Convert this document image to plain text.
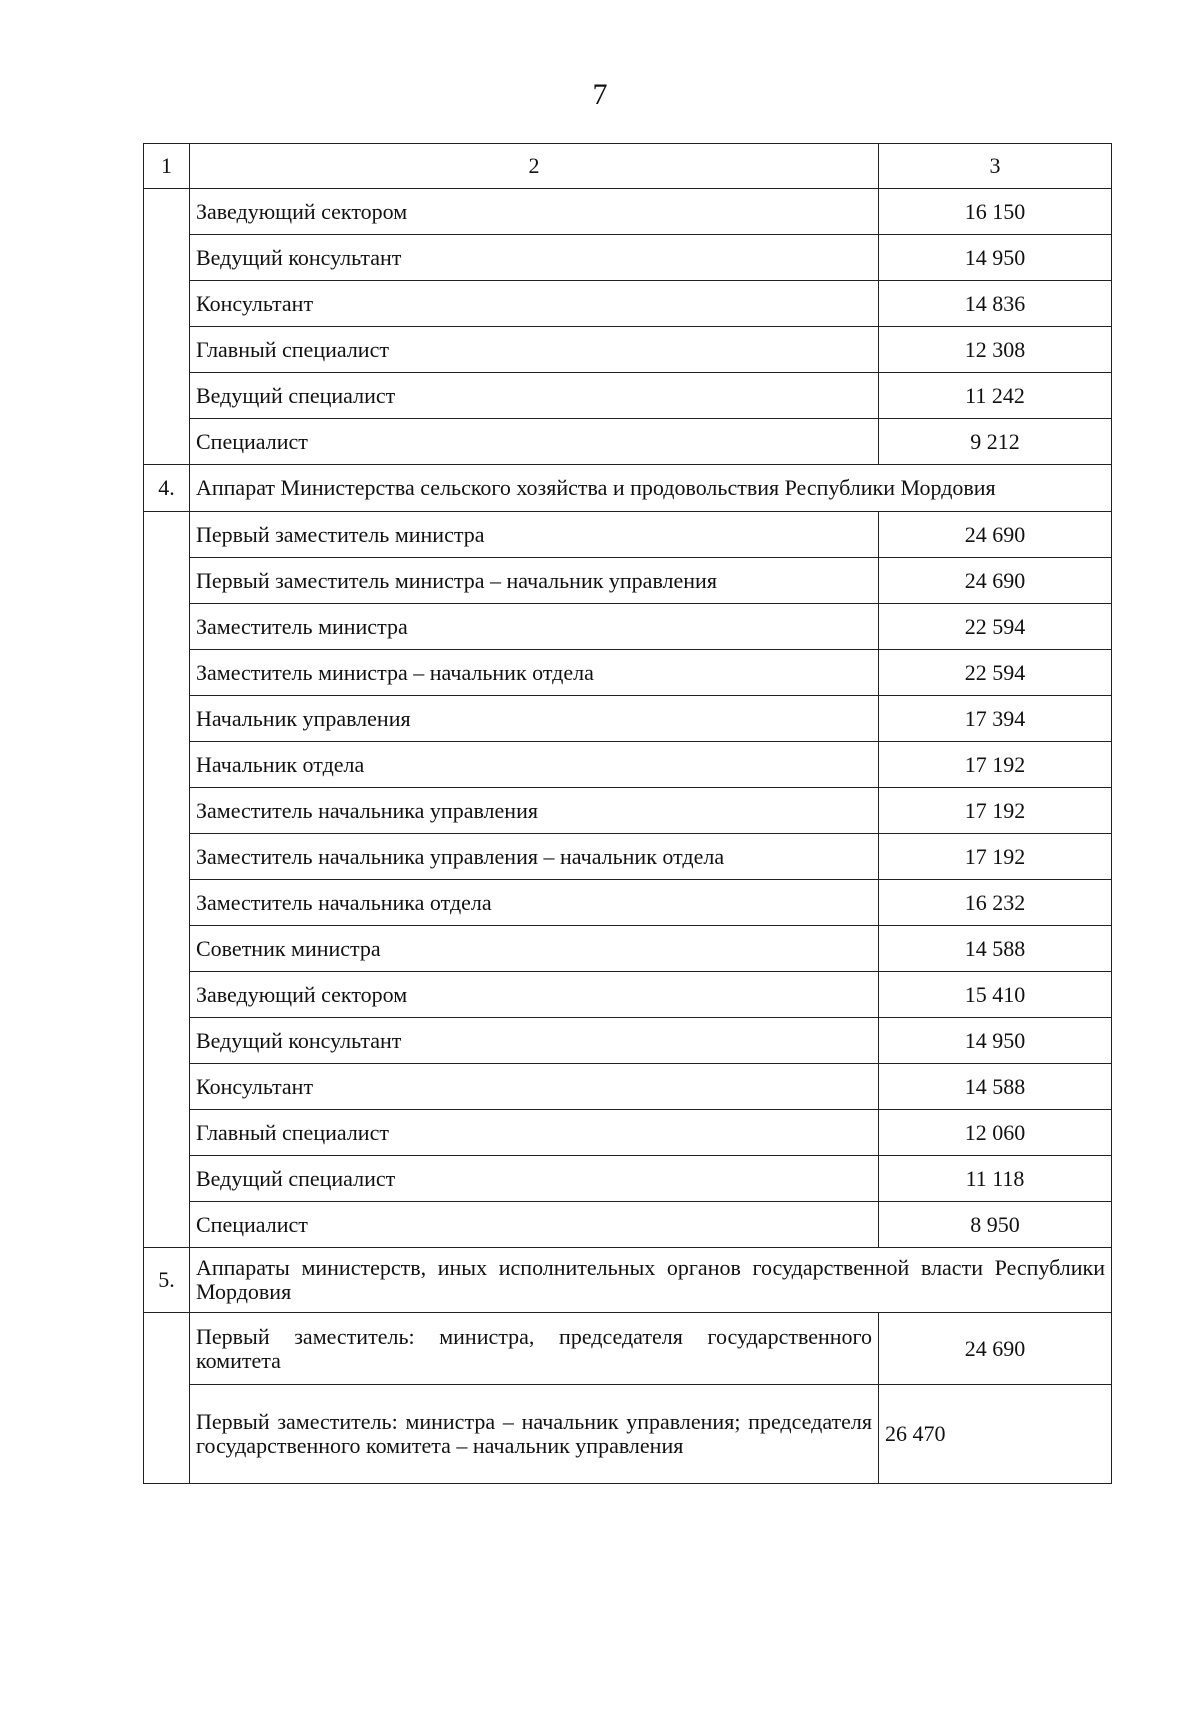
7
1	2	3
	Заведующий сектором	16 150
	Ведущий консультант	14 950
	Консультант	14 836
	Главный специалист	12 308
	Ведущий специалист	11 242
	Специалист	9 212
4.	Аппарат Министерства сельского хозяйства и продовольствия Республики Мордовия	
	Первый заместитель министра	24 690
	Первый заместитель министра – начальник управления	24 690
	Заместитель министра	22 594
	Заместитель министра – начальник отдела	22 594
	Начальник управления	17 394
	Начальник отдела	17 192
	Заместитель начальника управления	17 192
	Заместитель начальника управления – начальник отдела	17 192
	Заместитель начальника отдела	16 232
	Советник министра	14 588
	Заведующий сектором	15 410
	Ведущий консультант	14 950
	Консультант	14 588
	Главный специалист	12 060
	Ведущий специалист	11 118
	Специалист	8 950
5.	Аппараты министерств, иных исполнительных органов государственной власти Республики Мордовия	
	Первый заместитель: министра, председателя государственного комитета	24 690
	Первый заместитель: министра – начальник управления; председателя государственного комитета – начальник управления	26 470
